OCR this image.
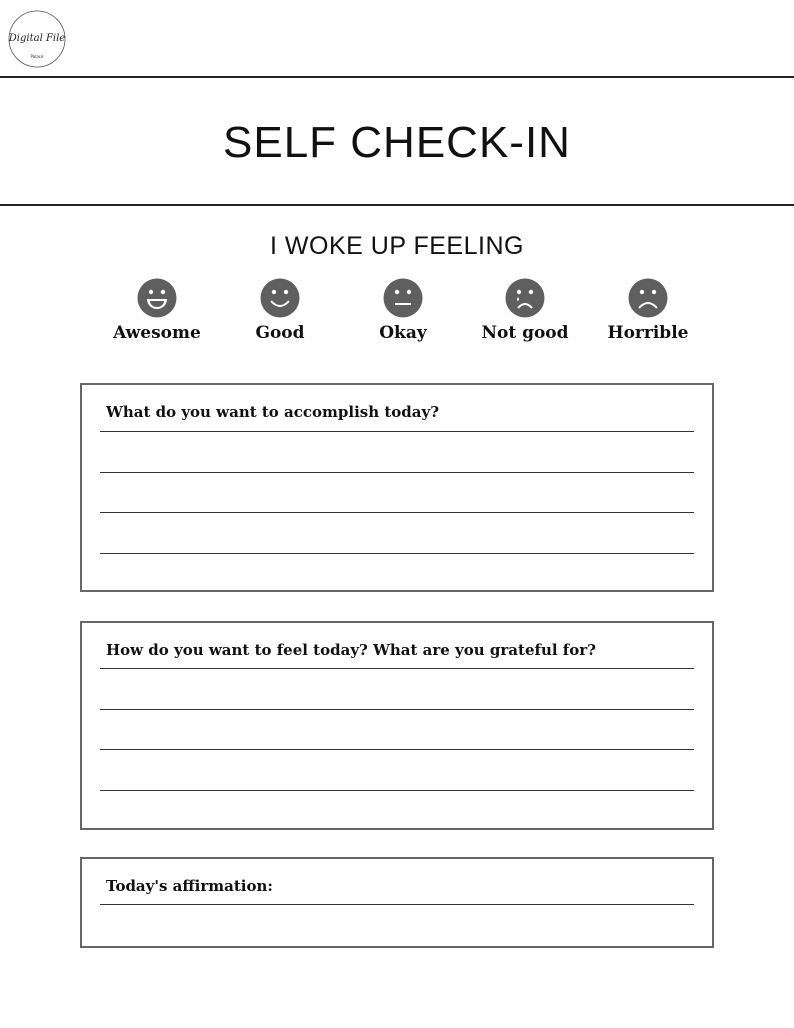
Digital File
Palace
SELF CHECK-IN
I WOKE UP FEELING
Awesome	Good	Okay	Not good	Horrible
What do you want to accomplish today?
How do you want to feel today? What are you grateful for?
Today's affirmation:
